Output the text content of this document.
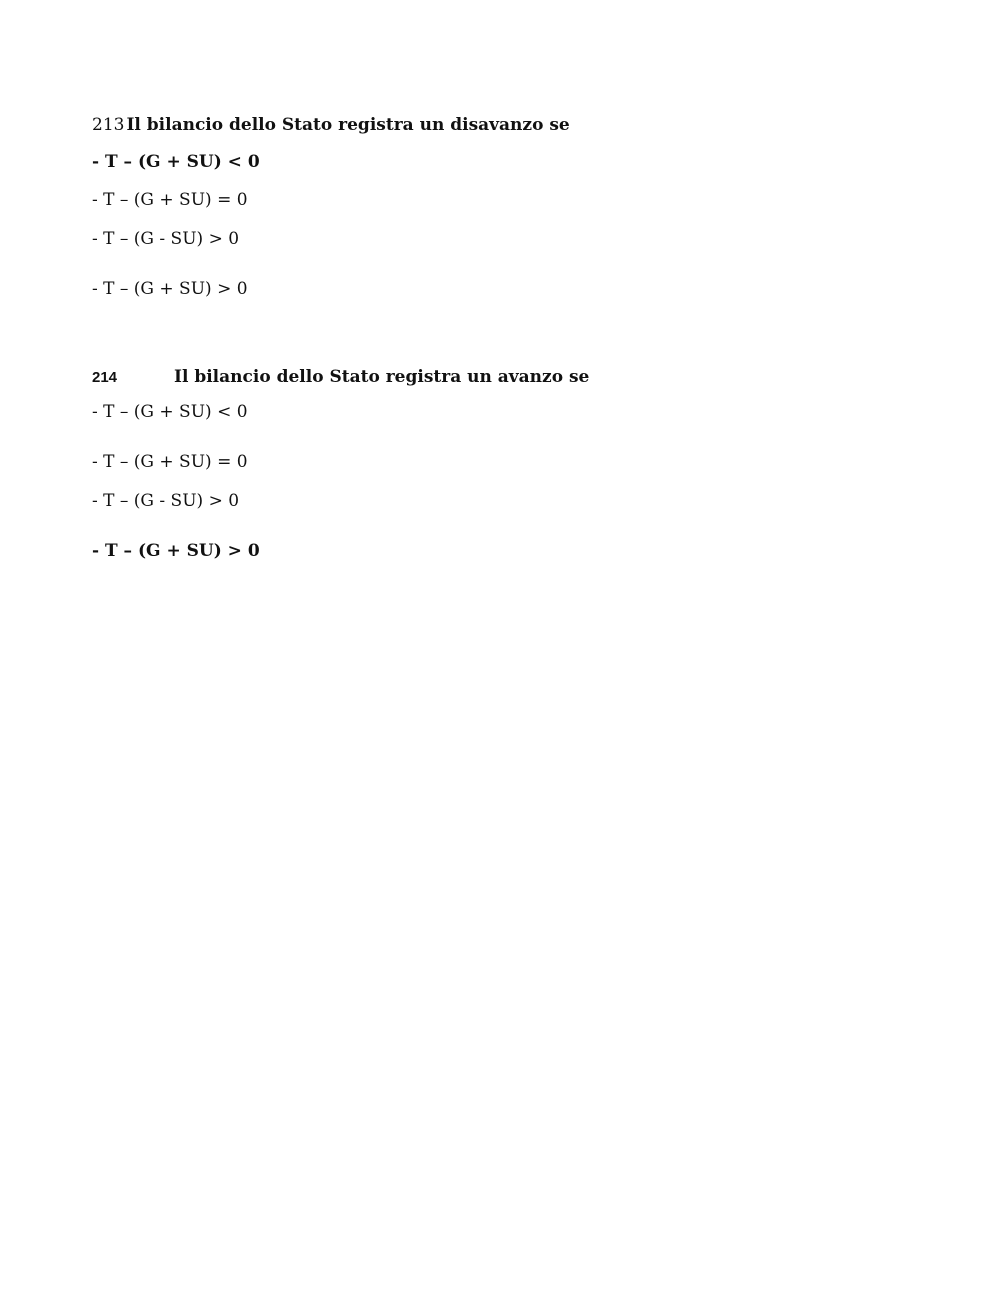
213 Il bilancio dello Stato registra un disavanzo se
- T – (G + SU) < 0
- T – (G + SU) = 0
- T – (G - SU) > 0
- T – (G + SU) > 0
214	Il bilancio dello Stato registra un avanzo se
- T – (G + SU) < 0
- T – (G + SU) = 0
- T – (G - SU) > 0
- T – (G + SU) > 0
